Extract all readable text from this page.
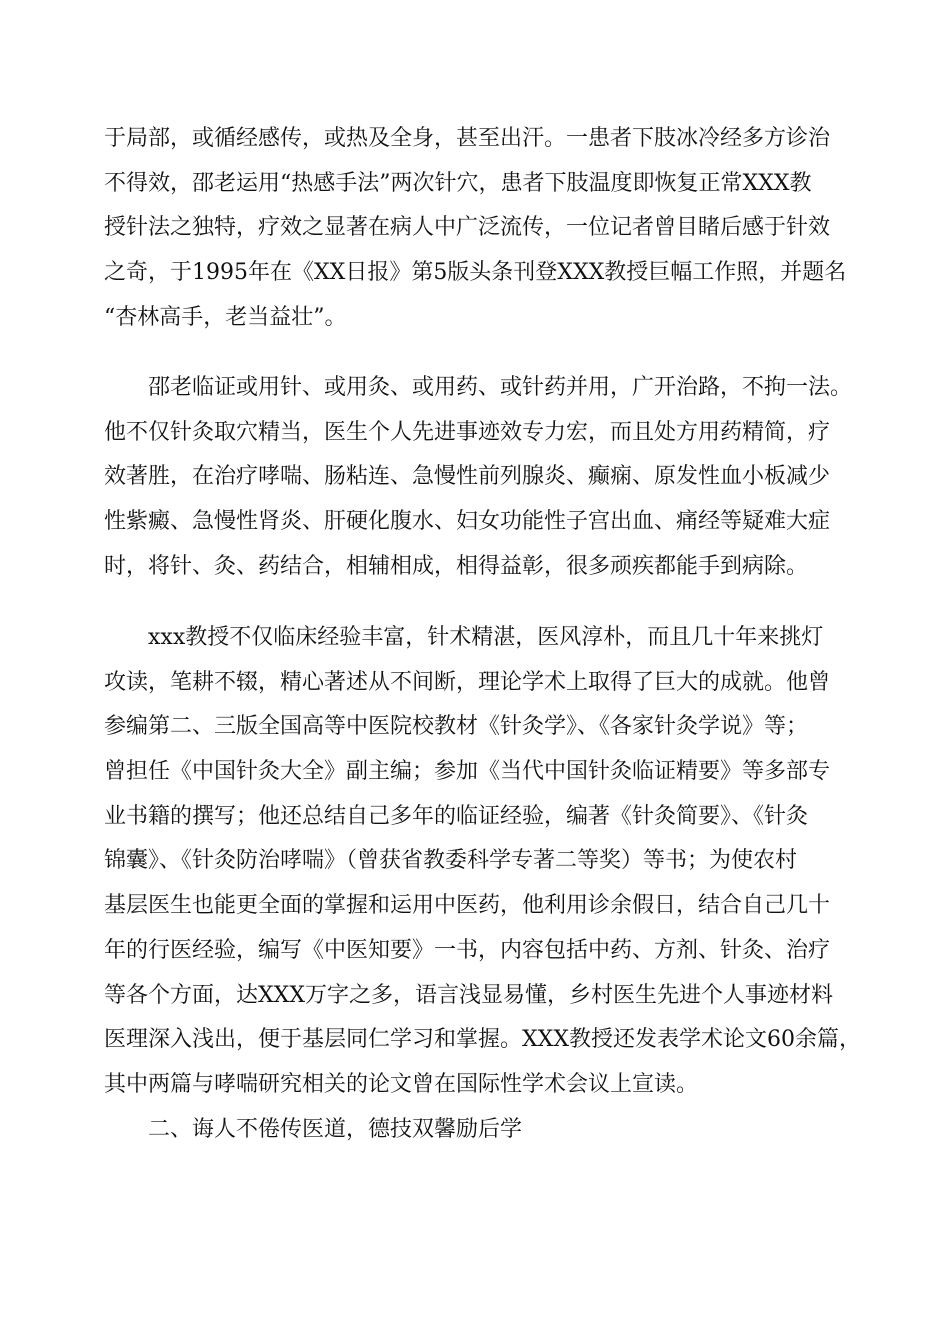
于局部，或循经感传，或热及全身，甚至出汗。一患者下肢冰冷经多方诊治
不得效，邵老运用“热感手法”两次针穴，患者下肢温度即恢复正常XXX教
授针法之独特，疗效之显著在病人中广泛流传，一位记者曾目睹后感于针效
之奇，于1995年在《XX日报》第5版头条刊登XXX教授巨幅工作照，并题名
“杏林高手，老当益壮”。
邵老临证或用针、或用灸、或用药、或针药并用，广开治路，不拘一法。
他不仅针灸取穴精当，医生个人先进事迹效专力宏，而且处方用药精简，疗
效著胜，在治疗哮喘、肠粘连、急慢性前列腺炎、癫痫、原发性血小板减少
性紫癜、急慢性肾炎、肝硬化腹水、妇女功能性子宫出血、痛经等疑难大症
时，将针、灸、药结合，相辅相成，相得益彰，很多顽疾都能手到病除。
xxx教授不仅临床经验丰富，针术精湛，医风淳朴，而且几十年来挑灯
攻读，笔耕不辍，精心著述从不间断，理论学术上取得了巨大的成就。他曾
参编第二、三版全国高等中医院校教材《针灸学》、《各家针灸学说》等；
曾担任《中国针灸大全》副主编；参加《当代中国针灸临证精要》等多部专
业书籍的撰写；他还总结自己多年的临证经验，编著《针灸简要》、《针灸
锦囊》、《针灸防治哮喘》（曾获省教委科学专著二等奖）等书；为使农村
基层医生也能更全面的掌握和运用中医药，他利用诊余假日，结合自己几十
年的行医经验，编写《中医知要》一书，内容包括中药、方剂、针灸、治疗
等各个方面，达XXX万字之多，语言浅显易懂，乡村医生先进个人事迹材料
医理深入浅出，便于基层同仁学习和掌握。XXX教授还发表学术论文60余篇，
其中两篇与哮喘研究相关的论文曾在国际性学术会议上宣读。
二、诲人不倦传医道，德技双馨励后学
